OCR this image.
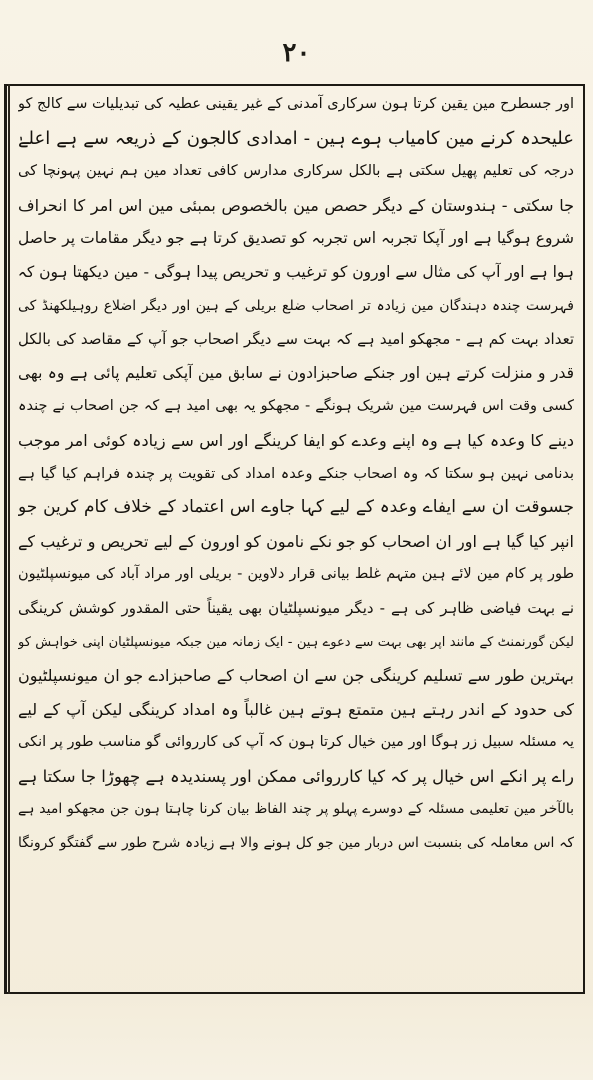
۲۰
اور جسطرح مین یقین کرتا ہون سرکاری آمدنی کے غیر یقینی عطیہ کی تبدیلیات سے کالج کو
علیحدہ کرنے مین کامیاب ہوے ہین - امدادی کالجون کے ذریعہ سے ہے اعلےٰ
درجہ کی تعلیم پھیل سکتی ہے بالکل سرکاری مدارس کافی تعداد مین ہم نہین پہونچا کی
جا سکتی - ہندوستان کے دیگر حصص مین بالخصوص بمبئی مین اس امر کا انحراف
شروع ہوگیا ہے اور آپکا تجربہ اس تجربہ کو تصدیق کرتا ہے جو دیگر مقامات پر حاصل
ہوا ہے اور آپ کی مثال سے اورون کو ترغیب و تحریص پیدا ہوگی - مین دیکھتا ہون کہ
فہرست چندہ دہندگان مین زیادہ تر اصحاب ضلع بریلی کے ہین اور دیگر اضلاع روہیلکھنڈ کی
تعداد بہت کم ہے - مجھکو امید ہے کہ بہت سے دیگر اصحاب جو آپ کے مقاصد کی بالکل
قدر و منزلت کرتے ہین اور جنکے صاحبزادون نے سابق مین آپکی تعلیم پائی ہے وہ بھی
کسی وقت اس فہرست مین شریک ہونگے - مجھکو یہ بھی امید ہے کہ جن اصحاب نے چندہ
دینے کا وعدہ کیا ہے وہ اپنے وعدے کو ایفا کرینگے اور اس سے زیادہ کوئی امر موجب
بدنامی نہین ہو سکتا کہ وہ اصحاب جنکے وعدہ امداد کی تقویت پر چندہ فراہم کیا گیا ہے
جسوقت ان سے ایفاے وعدہ کے لیے کہا جاوے اس اعتماد کے خلاف کام کرین جو
انپر کیا گیا ہے اور ان اصحاب کو جو نکے نامون کو اورون کے لیے تحریص و ترغیب کے
طور پر کام مین لائے ہین متہم غلط بیانی قرار دلاوین - بریلی اور مراد آباد کی میونسپلٹیون
نے بہت فیاضی ظاہر کی ہے - دیگر میونسپلٹیان بھی یقیناً حتی المقدور کوشش کرینگی
لیکن گورنمنٹ کے مانند اپر بھی بہت سے دعوے ہین - ایک زمانہ مین جبکہ میونسپلٹیان اپنی خواہش کو
بہترین طور سے تسلیم کرینگی جن سے ان اصحاب کے صاحبزادے جو ان میونسپلٹیون
کی حدود کے اندر رہتے ہین متمتع ہوتے ہین غالباً وہ امداد کرینگی لیکن آپ کے لیے
یہ مسئلہ سبیل زر ہوگا اور مین خیال کرتا ہون کہ آپ کی کارروائی گو مناسب طور پر انکی
راے پر انکے اس خیال پر کہ کیا کارروائی ممکن اور پسندیدہ ہے چھوڑا جا سکتا ہے
بالآخر مین تعلیمی مسئلہ کے دوسرے پہلو پر چند الفاظ بیان کرنا چاہتا ہون جن مجھکو امید ہے
کہ اس معاملہ کی بنسبت اس دربار مین جو کل ہونے والا ہے زیادہ شرح طور سے گفتگو کرونگا
